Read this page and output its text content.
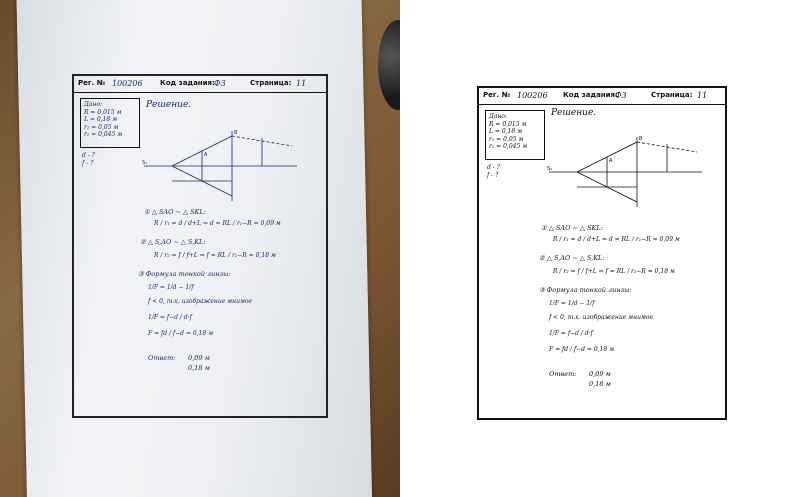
Рег. № 100206 Код задания: Ф3	Страница: 11
Дано:
R = 0,015 м
L = 0,18 м
r₁ = 0,05 м
r₂ = 0,045 м
d - ?
f - ?
Решение.
S₁
B
A
① △ SAO ∼ △ SKL:
R / r₁ = d / d+L ⇒ d = RL / r₁−R = 0,09 м
② △ S,AO ∼ △ S,KL:
R / r₂ = f / f+L ⇒ f = RL / r₂−R = 0,18 м
③ Формула тонкой линзы:
1/F = 1/d − 1/f
f < 0, т.к. изображение мнимое
1/F = f−d / d·f
F = fd / f−d = 0,18 м
Ответ: 0,09 м
0,18 м
Рег. № 100206 Код задания:
Ф3	Страница: 11
Дано:
R = 0,015 м
L = 0,18 м
r₁ = 0,05 м
r₂ = 0,045 м
d - ?
f - ?
Решение.
S₁
B
A
① △ SAO ∼ △ SKL:
R / r₁ = d / d+L ⇒ d = RL / r₁−R = 0,09 м
② △ S,AO ∼ △ S,KL:
R / r₂ = f / f+L ⇒ f = RL / r₂−R = 0,18 м
③ Формула тонкой линзы:
1/F = 1/d − 1/f
f < 0, т.к. изображение мнимое
1/F = f−d / d·f
F = fd / f−d = 0,18 м
Ответ: 0,09 м
0,18 м
